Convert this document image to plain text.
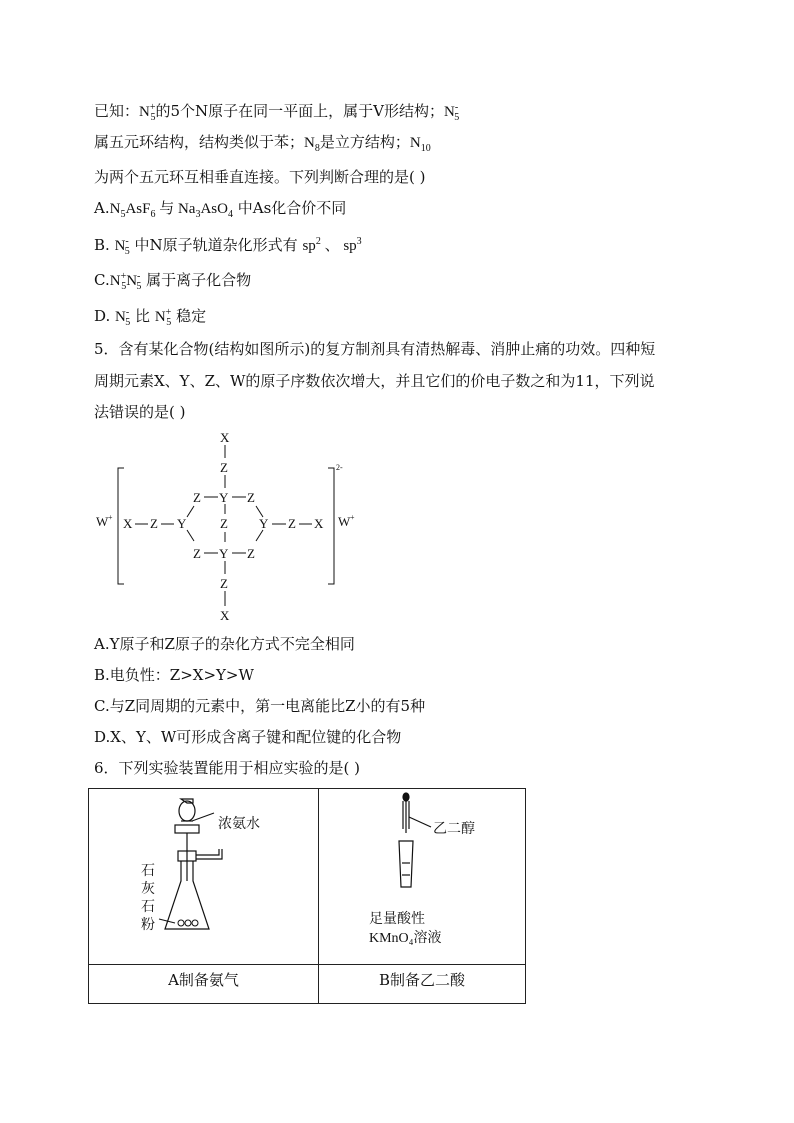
已知：$N^+_5$的5个N原子在同一平面上，属于V形结构；$N^-_5$
属五元环结构，结构类似于苯；$N_8$是立方结构；$N_{10}$
为两个五元环互相垂直连接。下列判断合理的是( )
$A.N_5AsF_6$ 与 $Na_3AsO_4$ 中As化合价不同
B. $N^-_5$ 中N原子轨道杂化形式有 $sp^2$ 、 $sp^3$
$C.N^+_5N^-_5$ 属于离子化合物
D. $N^-_5$ 比 $N^+_5$ 稳定
5．含有某化合物(结构如图所示)的复方制剂具有清热解毒、消肿止痛的功效。四种短
周期元素X、Y、Z、W的原子序数依次增大，并且它们的价电子数之和为11，下列说
法错误的是( )
W +
2-
W +
X
Z
Z Y Z
X Z Y	Z Y Z X
Z Y Z
Z
X
A.Y原子和Z原子的杂化方式不完全相同
B.电负性：Z>X>Y>W
C.与Z同周期的元素中，第一电离能比Z小的有5种
D.X、Y、W可形成含离子键和配位键的化合物
6．下列实验装置能用于相应实验的是( )
浓氨水
石
灰
石
粉
乙二醇
足量酸性
KMnO₄溶液
A制备氨气	B制备乙二酸
